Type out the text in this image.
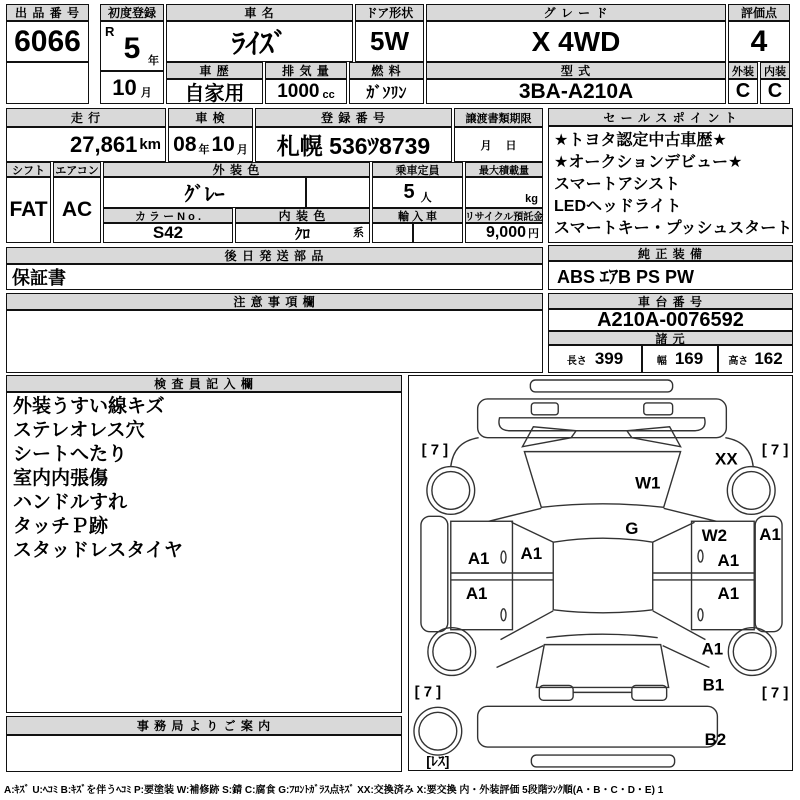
出 品 番 号
6066
初度登録
R
5 年
10 月
車 名
ﾗｲｽﾞ
ドア形状
5W
グ レ ー ド
X 4WD
評価点
4
車 歴
自家用
排 気 量
1000 cc
燃 料
ｶﾞｿﾘﾝ
型 式
3BA-A210A
外装 内装
C C
走 行
27,861 km
車 検
08 年 10 月
登 録 番 号
札幌 536ﾂ8739
譲渡書類期限
月 日
セ ー ル ス ポ イ ン ト
★トヨタ認定中古車歴★
★オークションデビュー★
スマートアシスト
LEDヘッドライト
スマートキー・プッシュスタート
シフト
FAT
エアコン
AC
外 装 色
ｸﾞﾚｰ
乗車定員
5 人
最大積載量
kg
カ ラ ー N o .
S42
内 装 色
ｸﾛ	系
輸 入 車	リサイクル預託金
9,000 円
後 日 発 送 部 品
保証書
注 意 事 項 欄
純 正 装 備
ABS ｴｱB PS PW
車 台 番 号
A210A-0076592
諸 元
長さ 399	幅 169	高さ 162
検 査 員 記 入 欄
外装うすい線キズ
ステレオレス穴
シートへたり
室内内張傷
ハンドルすれ
タッチＰ跡
スタッドレスタイヤ
事 務 局 よ り ご 案 内
[ 7 ]	[ 7 ]
XX
W1
G	W2 A1
A1 A1	A1
A1	A1
A1
B1
[ 7 ]	[ 7 ]
B2
[ﾚｽ]
A:ｷｽﾞ U:ﾍｺﾐ B:ｷｽﾞを伴うﾍｺﾐ P:要塗装 W:補修跡 S:錆 C:腐食 G:ﾌﾛﾝﾄｶﾞﾗｽ点ｷｽﾞ XX:交換済み X:要交換 内・外装評価 5段階ﾗﾝｸ順(A・B・C・D・E) 1
